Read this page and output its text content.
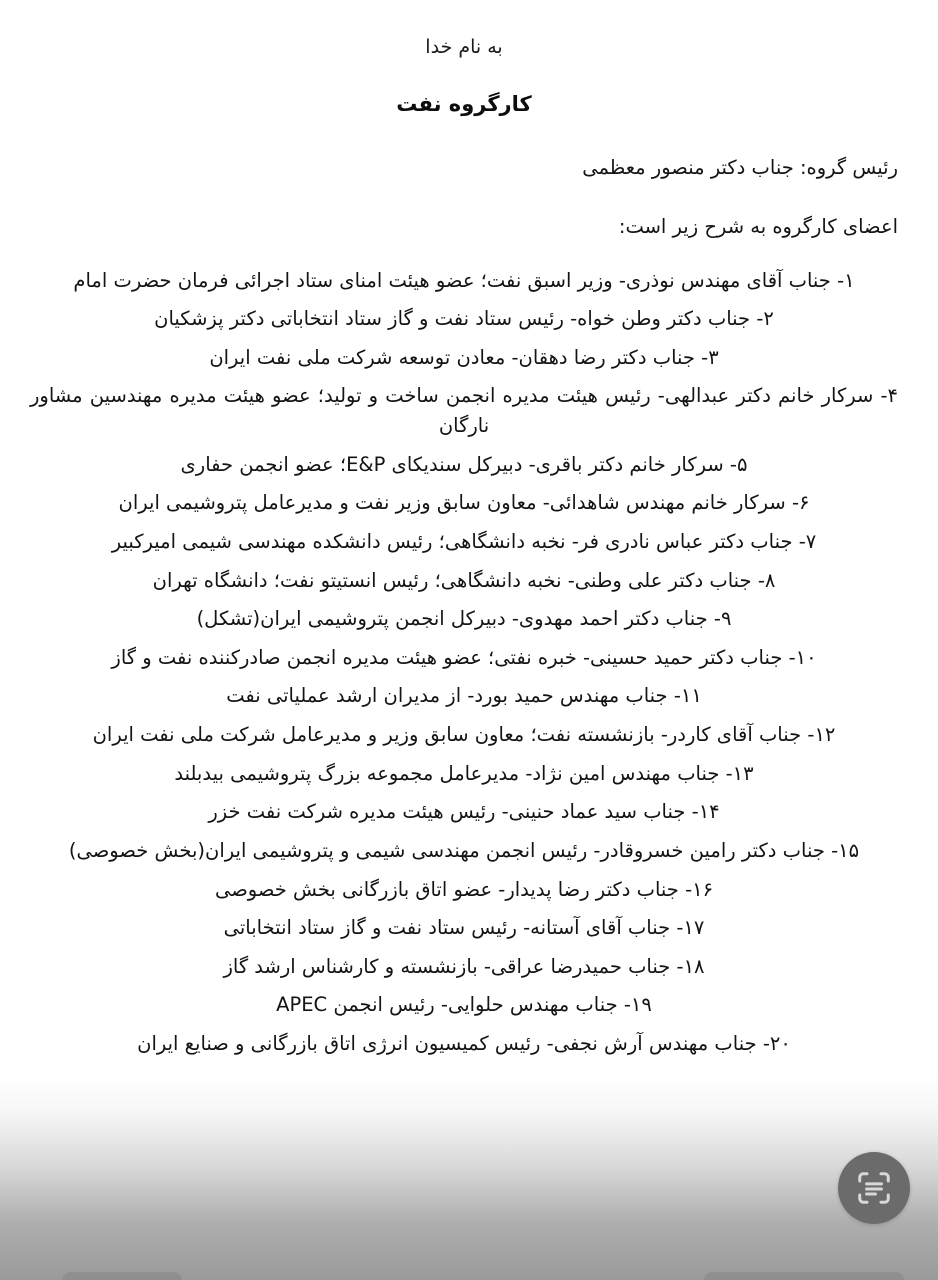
به نام خدا
کارگروه نفت
رئیس گروه: جناب دکتر منصور معظمی
اعضای کارگروه به شرح زیر است:
۱- جناب آقای مهندس نوذری- وزیر اسبق نفت؛ عضو هیئت امنای ستاد اجرائی فرمان حضرت امام
۲- جناب دکتر وطن خواه- رئیس ستاد نفت و گاز ستاد انتخاباتی دکتر پزشکیان
۳- جناب دکتر رضا دهقان- معادن توسعه شرکت ملی نفت ایران
۴- سرکار خانم دکتر عبدالهی- رئیس هیئت مدیره انجمن ساخت و تولید؛ عضو هیئت مدیره مهندسین مشاور نارگان
۵- سرکار خانم دکتر باقری- دبیرکل سندیکای E&P؛ عضو انجمن حفاری
۶- سرکار خانم مهندس شاهدائی- معاون سابق وزیر نفت و مدیرعامل پتروشیمی ایران
۷- جناب دکتر عباس نادری فر- نخبه دانشگاهی؛ رئیس دانشکده مهندسی شیمی امیرکبیر
۸- جناب دکتر علی وطنی- نخبه دانشگاهی؛ رئیس انستیتو نفت؛ دانشگاه تهران
۹- جناب دکتر احمد مهدوی- دبیرکل انجمن پتروشیمی ایران(تشکل)
۱۰- جناب دکتر حمید حسینی- خبره نفتی؛ عضو هیئت مدیره انجمن صادرکننده نفت و گاز
۱۱- جناب مهندس حمید بورد- از مدیران ارشد عملیاتی نفت
۱۲- جناب آقای کاردر- بازنشسته نفت؛ معاون سابق وزیر و مدیرعامل شرکت ملی نفت ایران
۱۳- جناب مهندس امین نژاد- مدیرعامل مجموعه بزرگ پتروشیمی بیدبلند
۱۴- جناب سید عماد حنینی- رئیس هیئت مدیره شرکت نفت خزر
۱۵- جناب دکتر رامین خسروقادر- رئیس انجمن مهندسی شیمی و پتروشیمی ایران(بخش خصوصی)
۱۶- جناب دکتر رضا پدیدار- عضو اتاق بازرگانی بخش خصوصی
۱۷- جناب آقای آستانه- رئیس ستاد نفت و گاز ستاد انتخاباتی
۱۸- جناب حمیدرضا عراقی- بازنشسته و کارشناس ارشد گاز
۱۹- جناب مهندس حلوایی- رئیس انجمن APEC
۲۰- جناب مهندس آرش نجفی- رئیس کمیسیون انرژی اتاق بازرگانی و صنایع ایران
